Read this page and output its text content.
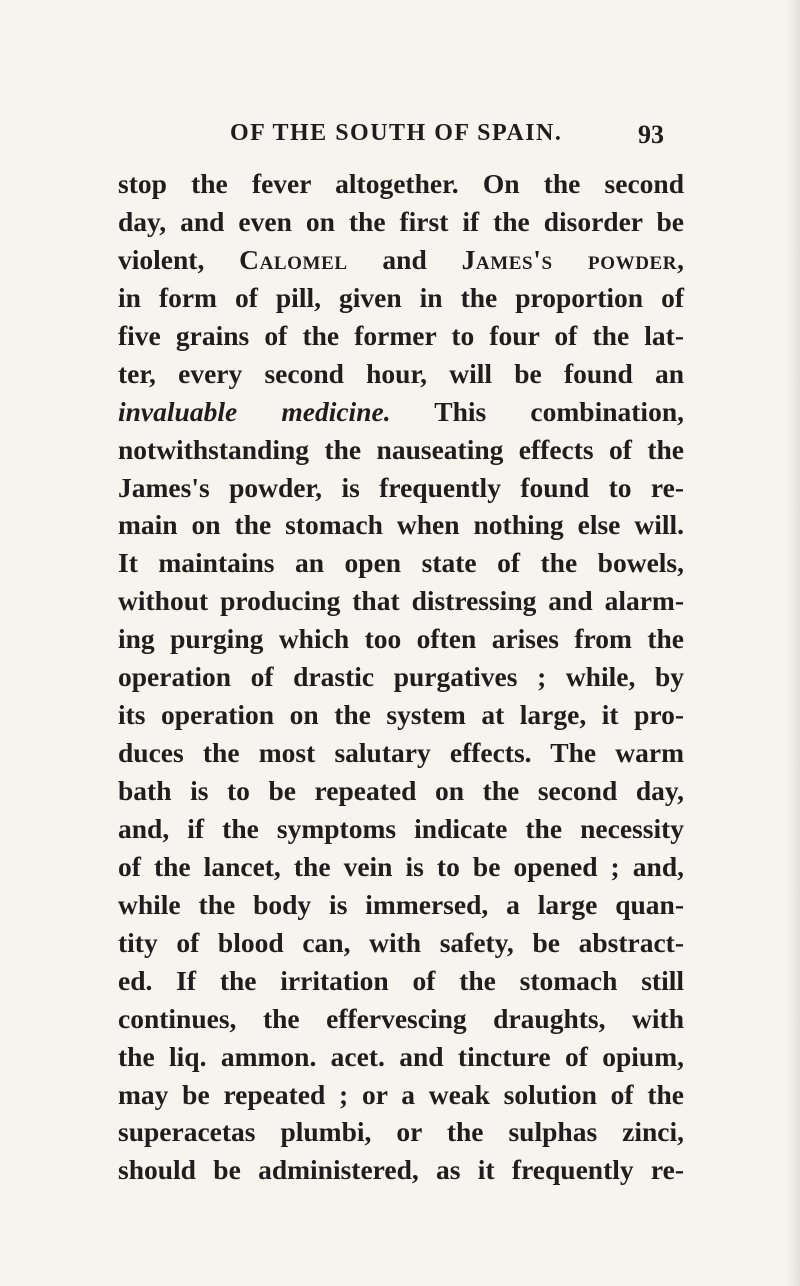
OF THE SOUTH OF SPAIN.	93
stop the fever altogether. On the second
day, and even on the first if the disorder be
violent, Calomel and James's powder,
in form of pill, given in the proportion of
five grains of the former to four of the lat-
ter, every second hour, will be found an
invaluable medicine. This combination,
notwithstanding the nauseating effects of the
James's powder, is frequently found to re-
main on the stomach when nothing else will.
It maintains an open state of the bowels,
without producing that distressing and alarm-
ing purging which too often arises from the
operation of drastic purgatives ; while, by
its operation on the system at large, it pro-
duces the most salutary effects. The warm
bath is to be repeated on the second day,
and, if the symptoms indicate the necessity
of the lancet, the vein is to be opened ; and,
while the body is immersed, a large quan-
tity of blood can, with safety, be abstract-
ed. If the irritation of the stomach still
continues, the effervescing draughts, with
the liq. ammon. acet. and tincture of opium,
may be repeated ; or a weak solution of the
superacetas plumbi, or the sulphas zinci,
should be administered, as it frequently re-
